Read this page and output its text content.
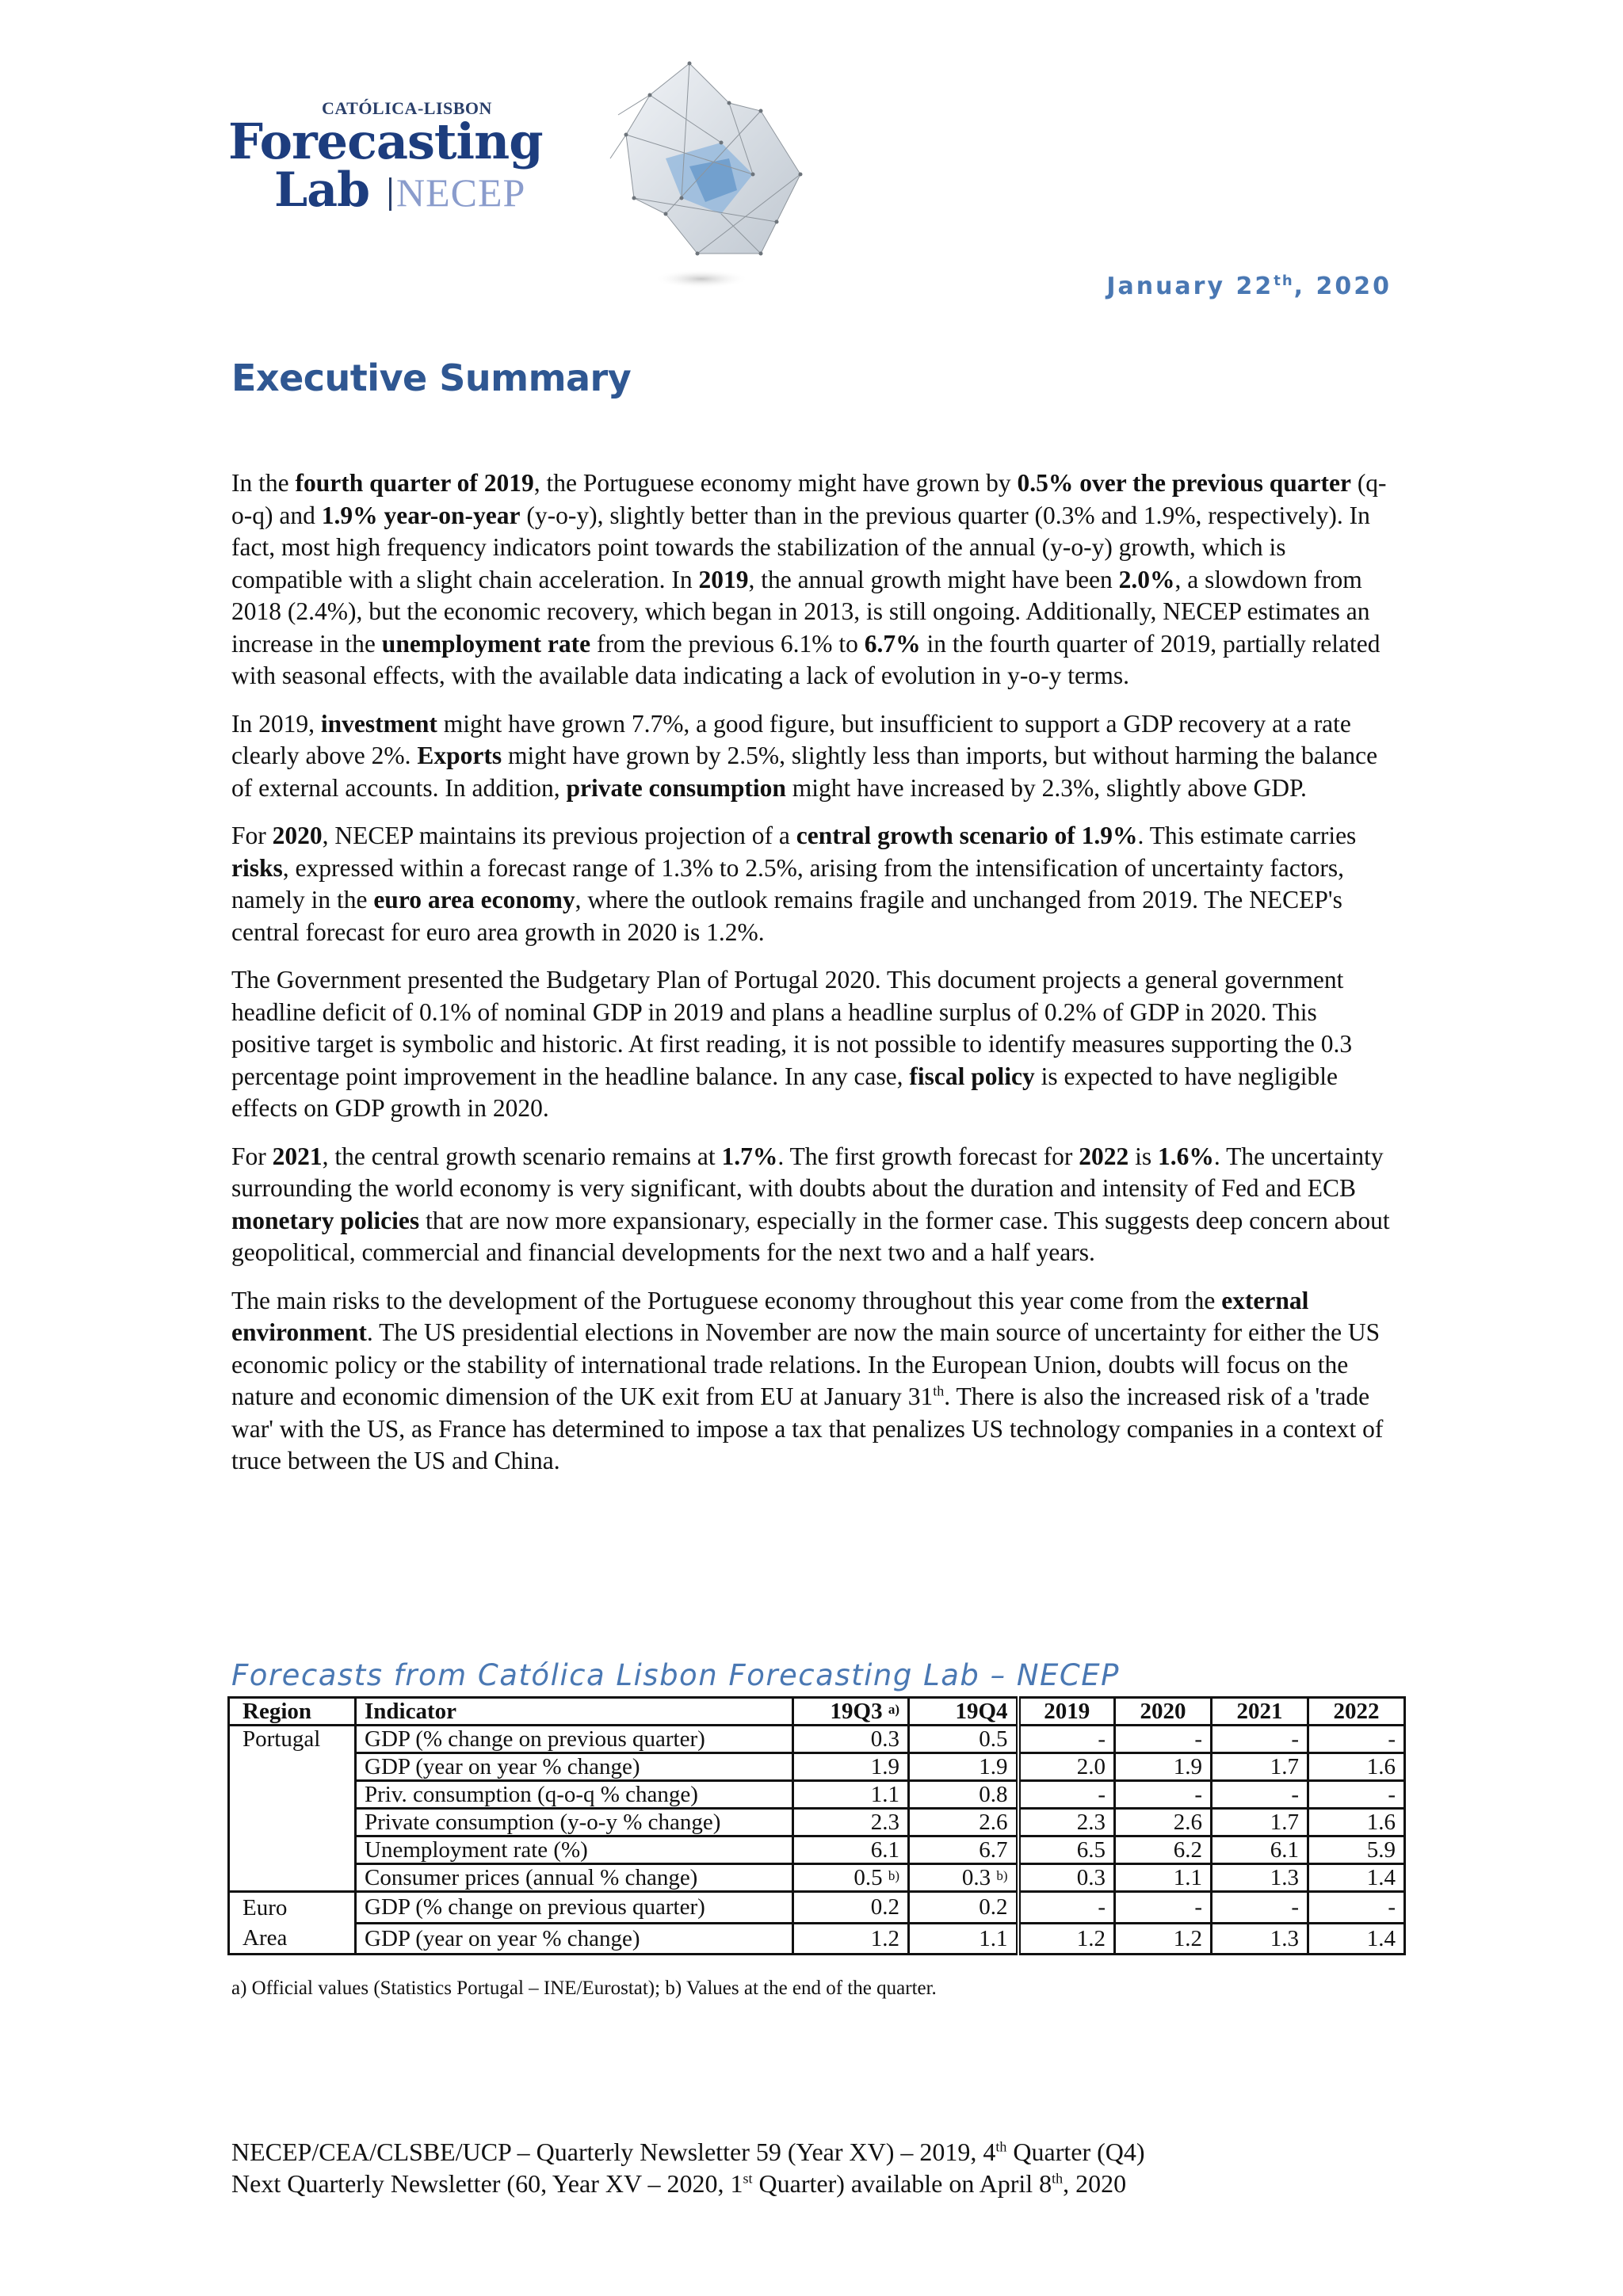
CATÓLICA-LISBON
Forecasting
Lab NECEP
January 22th, 2020
Executive Summary

In the fourth quarter of 2019, the Portuguese economy might have grown by 0.5% over the previous quarter (q-o-q) and 1.9% year-on-year (y-o-y), slightly better than in the previous quarter (0.3% and 1.9%, respectively). In fact, most high frequency indicators point towards the stabilization of the annual (y-o-y) growth, which is compatible with a slight chain acceleration. In 2019, the annual growth might have been 2.0%, a slowdown from 2018 (2.4%), but the economic recovery, which began in 2013, is still ongoing. Additionally, NECEP estimates an increase in the unemployment rate from the previous 6.1% to 6.7% in the fourth quarter of 2019, partially related with seasonal effects, with the available data indicating a lack of evolution in y-o-y terms.

In 2019, investment might have grown 7.7%, a good figure, but insufficient to support a GDP recovery at a rate clearly above 2%. Exports might have grown by 2.5%, slightly less than imports, but without harming the balance of external accounts. In addition, private consumption might have increased by 2.3%, slightly above GDP.

For 2020, NECEP maintains its previous projection of a central growth scenario of 1.9%. This estimate carries risks, expressed within a forecast range of 1.3% to 2.5%, arising from the intensification of uncertainty factors, namely in the euro area economy, where the outlook remains fragile and unchanged from 2019. The NECEP's central forecast for euro area growth in 2020 is 1.2%.

The Government presented the Budgetary Plan of Portugal 2020. This document projects a general government headline deficit of 0.1% of nominal GDP in 2019 and plans a headline surplus of 0.2% of GDP in 2020. This positive target is symbolic and historic. At first reading, it is not possible to identify measures supporting the 0.3 percentage point improvement in the headline balance. In any case, fiscal policy is expected to have negligible effects on GDP growth in 2020.

For 2021, the central growth scenario remains at 1.7%. The first growth forecast for 2022 is 1.6%. The uncertainty surrounding the world economy is very significant, with doubts about the duration and intensity of Fed and ECB monetary policies that are now more expansionary, especially in the former case. This suggests deep concern about geopolitical, commercial and financial developments for the next two and a half years.

The main risks to the development of the Portuguese economy throughout this year come from the external environment. The US presidential elections in November are now the main source of uncertainty for either the US economic policy or the stability of international trade relations. In the European Union, doubts will focus on the nature and economic dimension of the UK exit from EU at January 31th. There is also the increased risk of a 'trade war' with the US, as France has determined to impose a tax that penalizes US technology companies in a context of truce between the US and China.

Forecasts from Católica Lisbon Forecasting Lab – NECEP
Region	Indicator	19Q3 $^{a)}$	19Q4	2019	2020	2021	2022
Portugal	GDP (% change on previous quarter)	0.3	0.5	-	-	-	-
	GDP (year on year % change)	1.9	1.9	2.0	1.9	1.7	1.6
	Priv. consumption (q-o-q % change)	1.1	0.8	-	-	-	-
	Private consumption (y-o-y % change)	2.3	2.6	2.3	2.6	1.7	1.6
	Unemployment rate (%)	6.1	6.7	6.5	6.2	6.1	5.9
	Consumer prices (annual % change)	0.5 $^{b)}$	0.3 $^{b)}$	0.3	1.1	1.3	1.4

Euro
Area	GDP (% change on previous quarter)	0.2	0.2	-	-	-	-
	GDP (year on year % change)	1.2	1.1	1.2	1.2	1.3	1.4
a) Official values (Statistics Portugal – INE/Eurostat); b) Values at the end of the quarter.
NECEP/CEA/CLSBE/UCP – Quarterly Newsletter 59 (Year XV) – 2019, 4th Quarter (Q4)
Next Quarterly Newsletter (60, Year XV – 2020, 1st Quarter) available on April 8th, 2020
